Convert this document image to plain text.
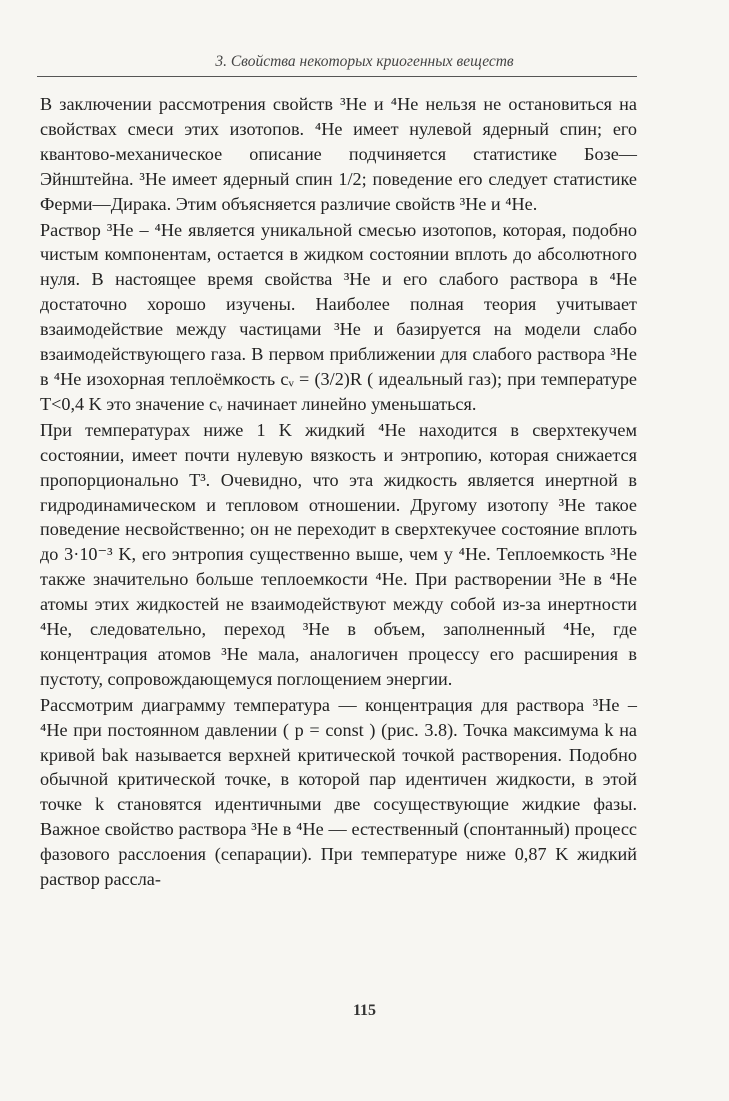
3. Свойства некоторых криогенных веществ

В заключении рассмотрения свойств ³He и ⁴He нельзя не остановиться на свойствах смеси этих изотопов. ⁴He имеет нулевой ядерный спин; его квантово-механическое описание подчиняется статистике Бозе—Эйнштейна. ³He имеет ядерный спин 1/2; поведение его следует статистике Ферми—Дирака. Этим объясняется различие свойств ³He и ⁴He.

Раствор ³He – ⁴He является уникальной смесью изотопов, которая, подобно чистым компонентам, остается в жидком состоянии вплоть до абсолютного нуля. В настоящее время свойства ³He и его слабого раствора в ⁴He достаточно хорошо изучены. Наиболее полная теория учитывает взаимодействие между частицами ³He и базируется на модели слабо взаимодействующего газа. В первом приближении для слабого раствора ³He в ⁴He изохорная теплоёмкость cᵥ = (3/2)R ( идеальный газ); при температуре T<0,4 K это значение cᵥ начинает линейно уменьшаться.

При температурах ниже 1 K жидкий ⁴He находится в сверхтекучем состоянии, имеет почти нулевую вязкость и энтропию, которая снижается пропорционально T³. Очевидно, что эта жидкость является инертной в гидродинамическом и тепловом отношении. Другому изотопу ³He такое поведение несвойственно; он не переходит в сверхтекучее состояние вплоть до 3·10⁻³ K, его энтропия существенно выше, чем у ⁴He. Теплоемкость ³He также значительно больше теплоемкости ⁴He. При растворении ³He в ⁴He атомы этих жидкостей не взаимодействуют между собой из-за инертности ⁴He, следовательно, переход ³He в объем, заполненный ⁴He, где концентрация атомов ³He мала, аналогичен процессу его расширения в пустоту, сопровождающемуся поглощением энергии.

Рассмотрим диаграмму температура — концентрация для раствора ³He – ⁴He при постоянном давлении ( p = const ) (рис. 3.8). Точка максимума k на кривой bak называется верхней критической точкой растворения. Подобно обычной критической точке, в которой пар идентичен жидкости, в этой точке k становятся идентичными две сосуществующие жидкие фазы. Важное свойство раствора ³He в ⁴He — естественный (спонтанный) процесс фазового расслоения (сепарации). При температуре ниже 0,87 K жидкий раствор рассла-

115
